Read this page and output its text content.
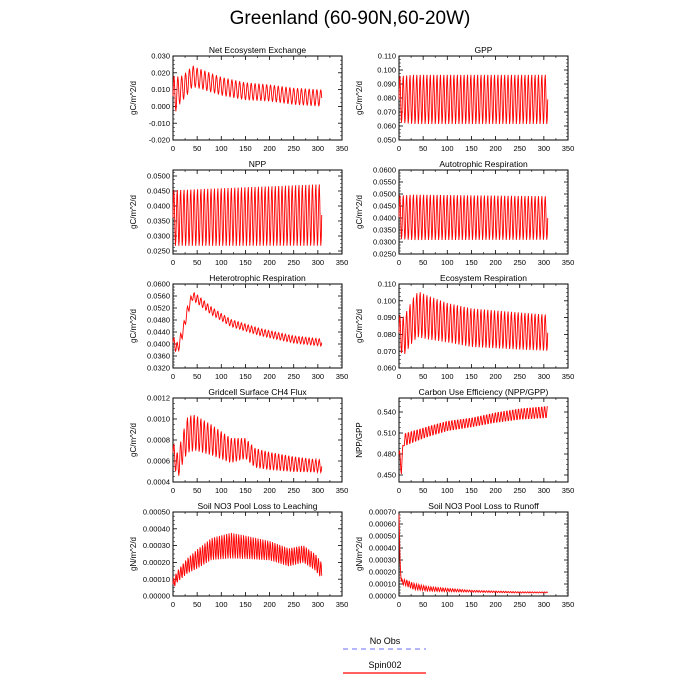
Greenland (60-90N,60-20W)
Net Ecosystem Exchange
0 50 100 150 200 250 300 350
-0.020
-0.010
0.000
0.010
0.020
0.030
gC/m^2/d
GPP
0 50 100 150 200 250 300 350
0.050
0.060
0.070
0.080
0.090
0.100
0.110
gC/m^2/d
NPP
0 50 100 150 200 250 300 350
0.0250
0.0300
0.0350
0.0400
0.0450
0.0500
gC/m^2/d
Autotrophic Respiration
0 50 100 150 200 250 300 350
0.0250
0.0300
0.0350
0.0400
0.0450
0.0500
0.0550
0.0600
gC/m^2/d
Heterotrophic Respiration
0 50 100 150 200 250 300 350
0.0320
0.0360
0.0400
0.0440
0.0480
0.0520
0.0560
0.0600
gC/m^2/d
Ecosystem Respiration
0 50 100 150 200 250 300 350
0.060
0.070
0.080
0.090
0.100
0.110
gC/m^2/d
Gridcell Surface CH4 Flux
0 50 100 150 200 250 300 350
0.0004
0.0006
0.0008
0.0010
0.0012
gC/m^2/d
Carbon Use Efficiency (NPP/GPP)
0 50 100 150 200 250 300 350
0.450
0.480
0.510
0.540
NPP/GPP
Soil NO3 Pool Loss to Leaching
0 50 100 150 200 250 300 350
0.00000
0.00010
0.00020
0.00030
0.00040
0.00050
gN/m^2/d
Soil NO3 Pool Loss to Runoff
0 50 100 150 200 250 300 350
0.00000
0.00010
0.00020
0.00030
0.00040
0.00050
0.00060
0.00070
gN/m^2/d
No Obs
Spin002
